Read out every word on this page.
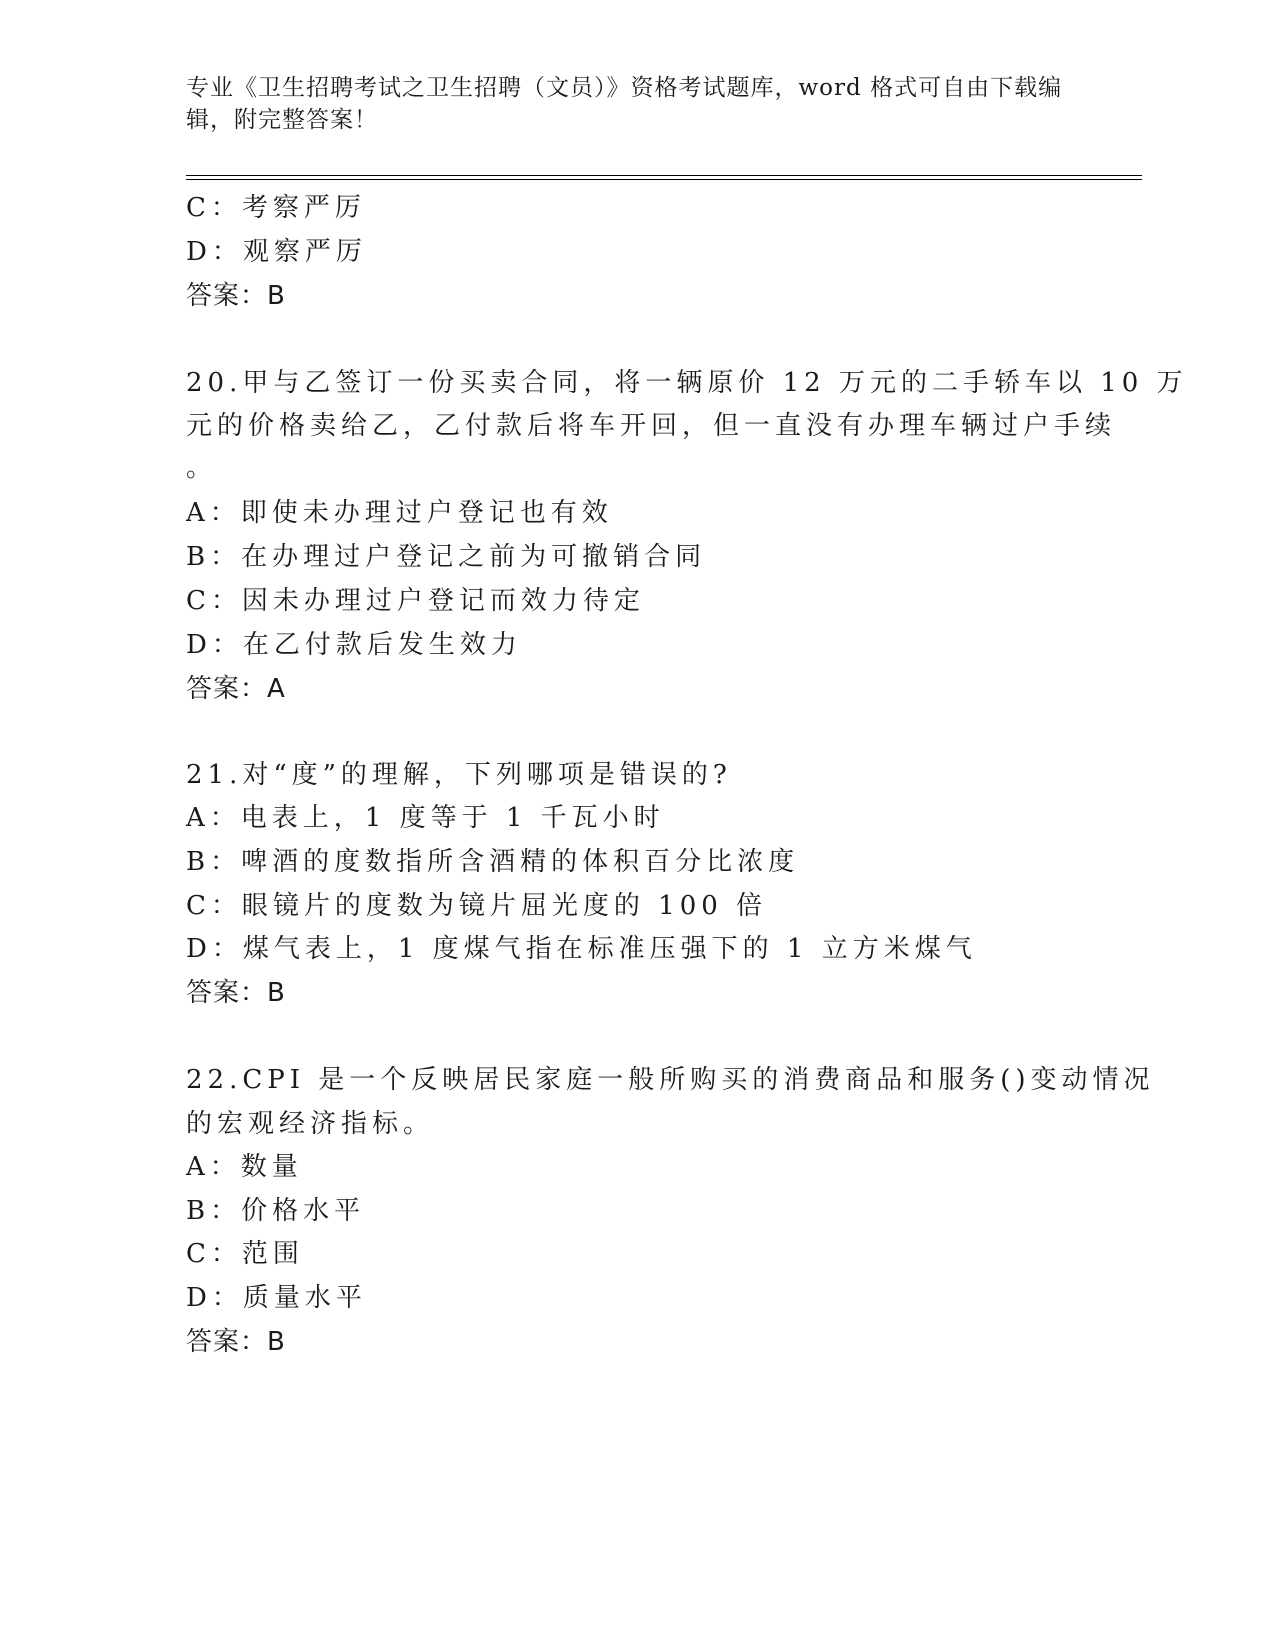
专业《卫生招聘考试之卫生招聘（文员）》资格考试题库，word 格式可自由下载编辑，附完整答案！
C：考察严厉
D：观察严厉
答案：B
20.甲与乙签订一份买卖合同，将一辆原价 12 万元的二手轿车以 10 万
元的价格卖给乙，乙付款后将车开回，但一直没有办理车辆过户手续
。
A：即使未办理过户登记也有效
B：在办理过户登记之前为可撤销合同
C：因未办理过户登记而效力待定
D：在乙付款后发生效力
答案：A
21.对“度”的理解，下列哪项是错误的?
A：电表上，1 度等于 1 千瓦小时
B：啤酒的度数指所含酒精的体积百分比浓度
C：眼镜片的度数为镜片屈光度的 100 倍
D：煤气表上，1 度煤气指在标准压强下的 1 立方米煤气
答案：B
22.CPI 是一个反映居民家庭一般所购买的消费商品和服务()变动情况
的宏观经济指标。
A：数量
B：价格水平
C：范围
D：质量水平
答案：B
